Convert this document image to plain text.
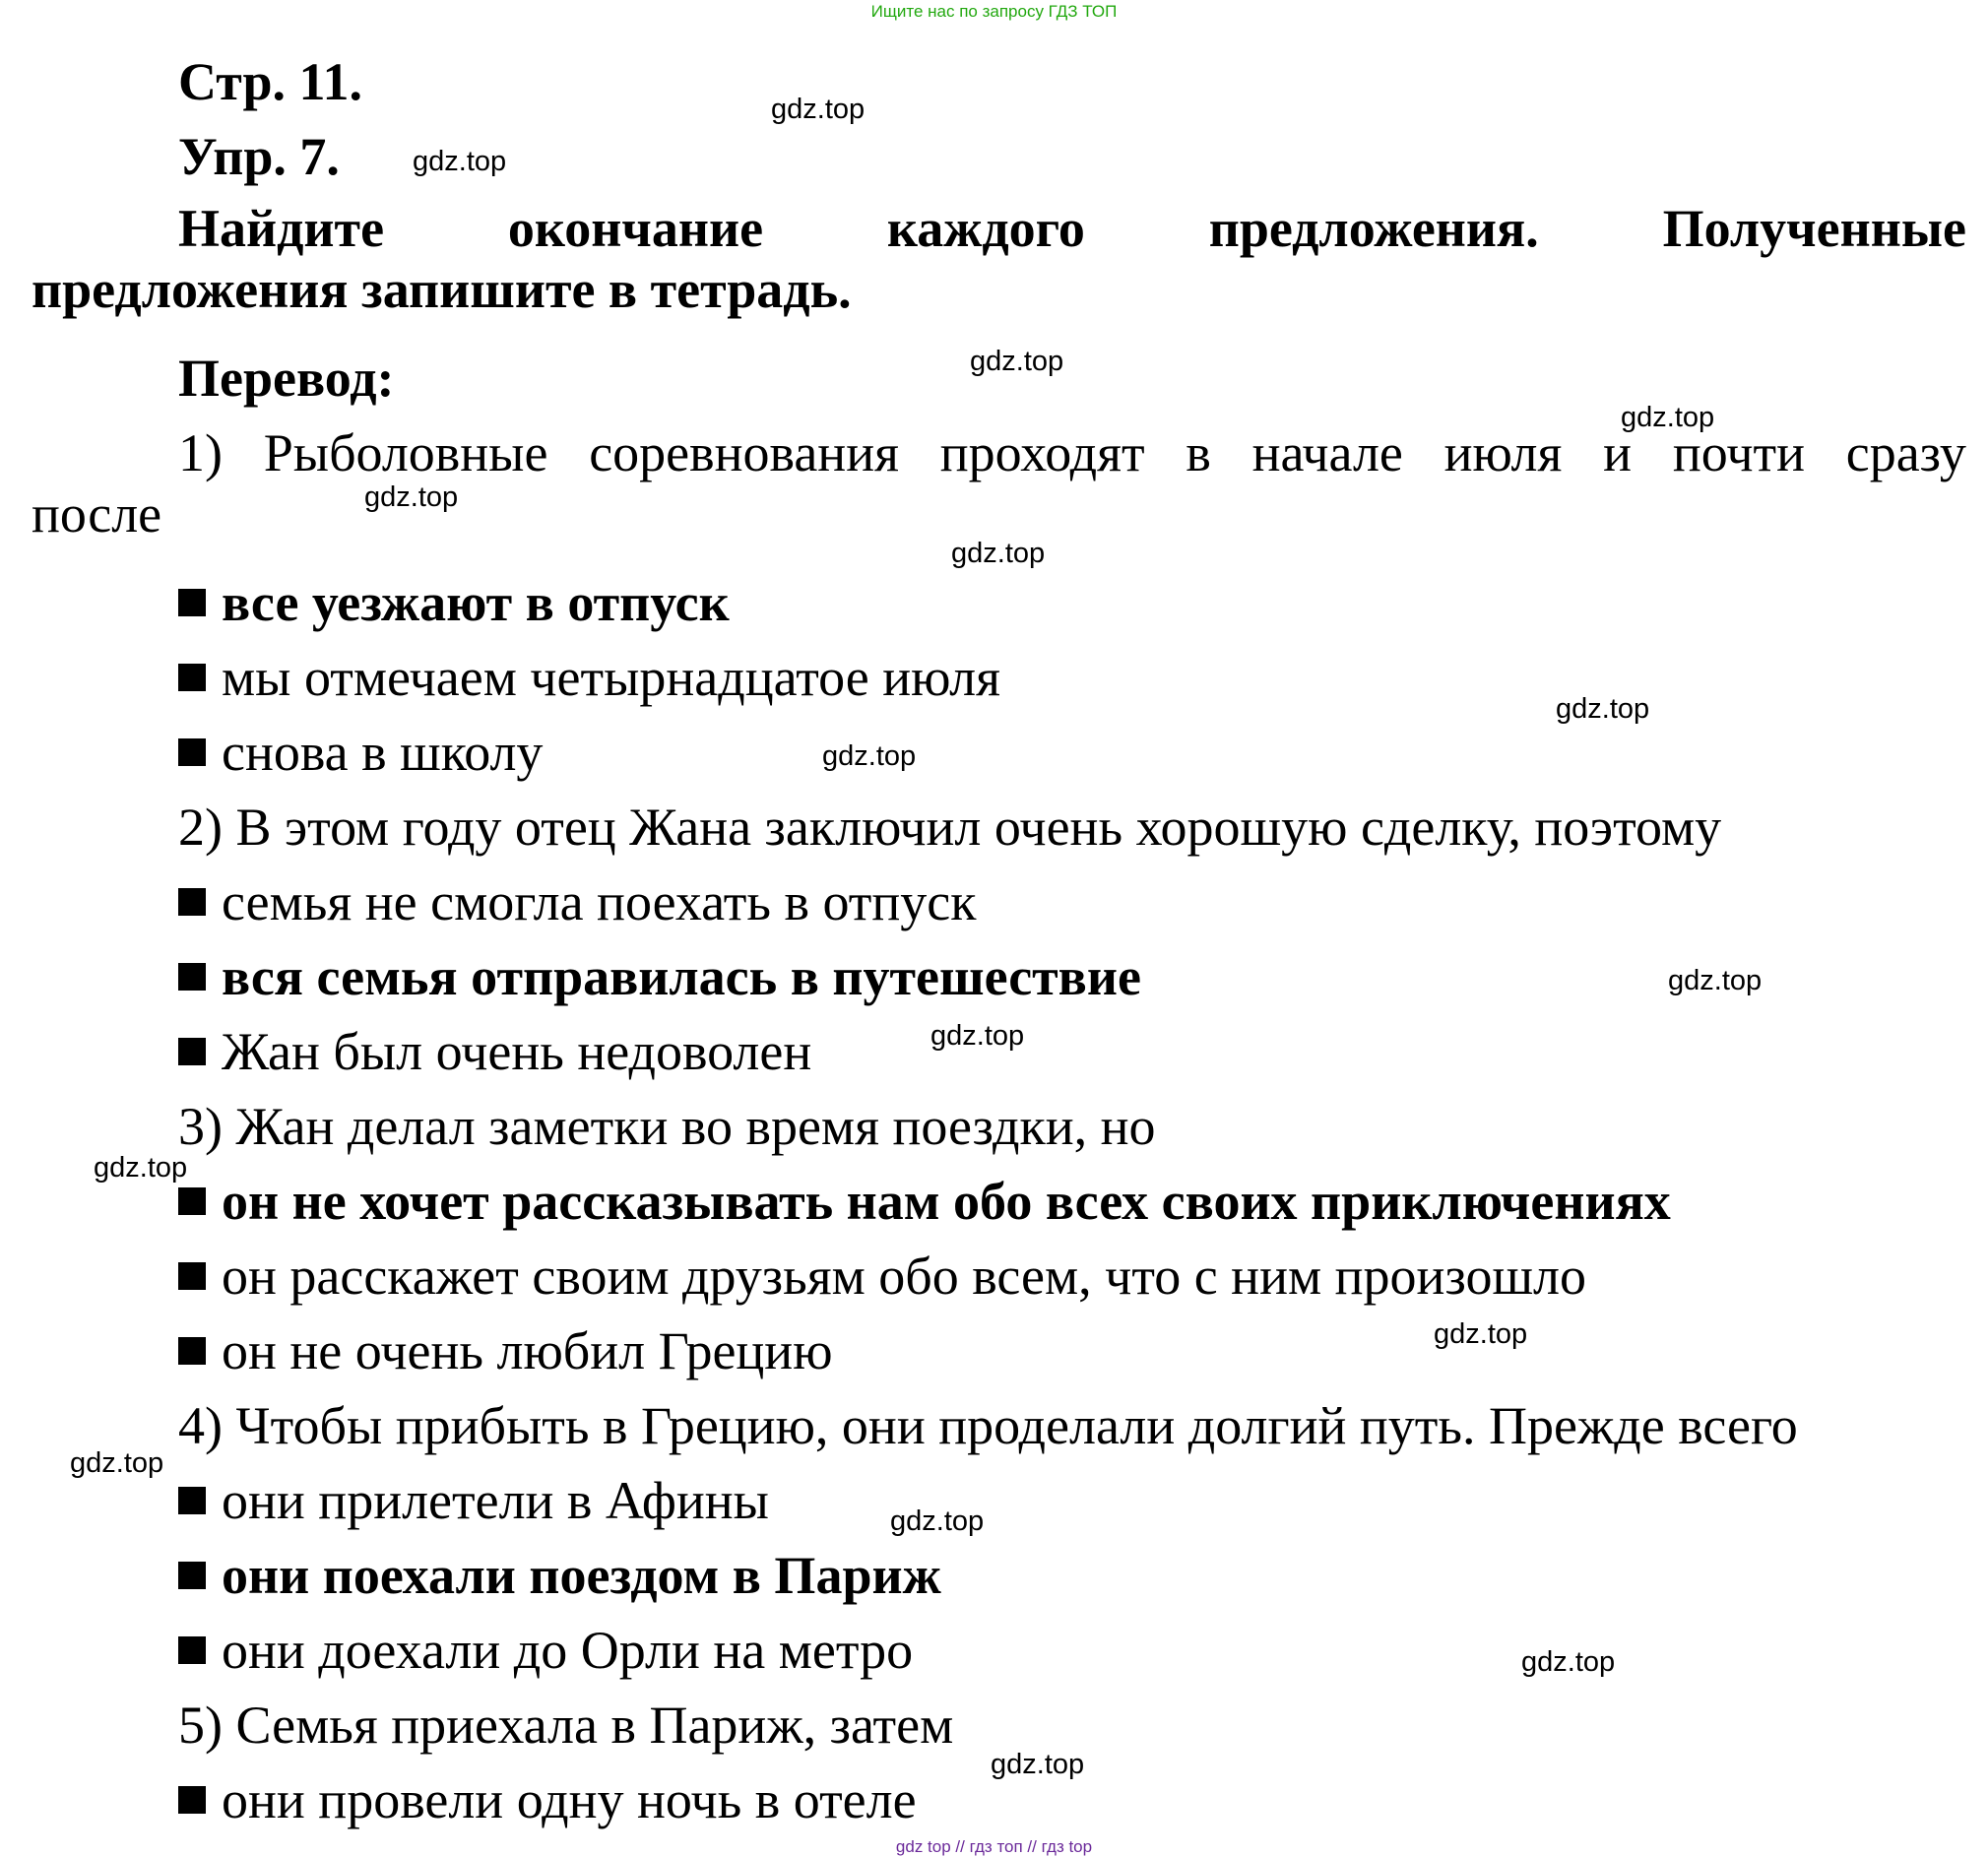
Ищите нас по запросу ГДЗ ТОП
Стр. 11.
Упр. 7.
Найдите окончание каждого предложения. Полученные
предложения запишите в тетрадь.
Перевод:
1) Рыболовные соревнования проходят в начале июля и почти сразу
после
все уезжают в отпуск
мы отмечаем четырнадцатое июля
снова в школу
2) В этом году отец Жана заключил очень хорошую сделку, поэтому
семья не смогла поехать в отпуск
вся семья отправилась в путешествие
Жан был очень недоволен
3) Жан делал заметки во время поездки, но
он не хочет рассказывать нам обо всех своих приключениях
он расскажет своим друзьям обо всем, что с ним произошло
он не очень любил Грецию
4) Чтобы прибыть в Грецию, они проделали долгий путь. Прежде всего
они прилетели в Афины
они поехали поездом в Париж
они доехали до Орли на метро
5) Семья приехала в Париж, затем
они провели одну ночь в отеле
gdz.top
gdz.top
gdz.top
gdz.top
gdz.top
gdz.top
gdz.top
gdz.top
gdz.top
gdz.top
gdz.top
gdz.top
gdz.top
gdz.top
gdz.top
gdz.top
gdz top // гдз топ // гдз top
